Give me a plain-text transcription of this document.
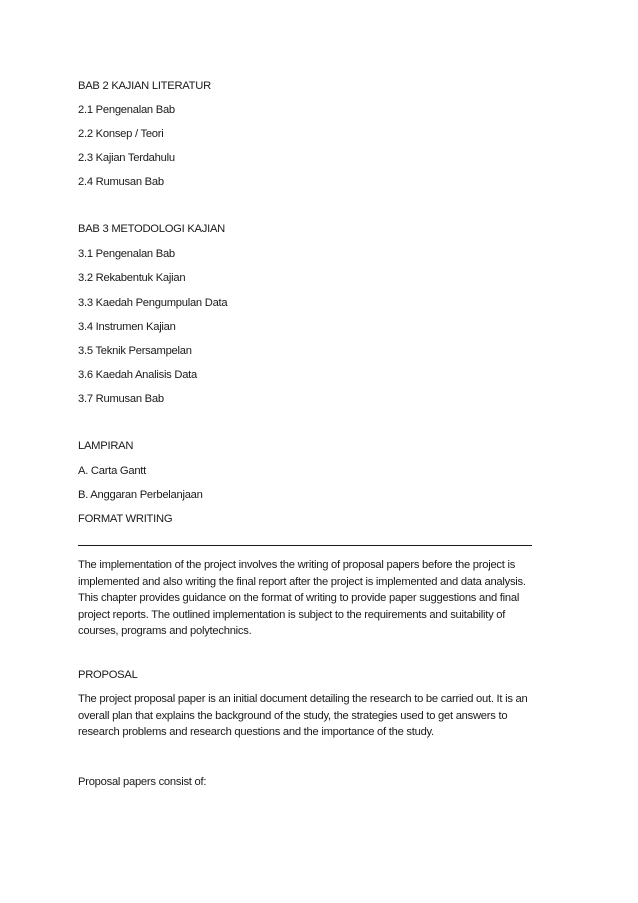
BAB 2 KAJIAN LITERATUR
2.1 Pengenalan Bab
2.2 Konsep / Teori
2.3 Kajian Terdahulu
2.4 Rumusan Bab
BAB 3 METODOLOGI KAJIAN
3.1 Pengenalan Bab
3.2 Rekabentuk Kajian
3.3 Kaedah Pengumpulan Data
3.4 Instrumen Kajian
3.5 Teknik Persampelan
3.6 Kaedah Analisis Data
3.7 Rumusan Bab
LAMPIRAN
A. Carta Gantt
B. Anggaran Perbelanjaan
FORMAT WRITING
The implementation of the project involves the writing of proposal papers before the project is
implemented and also writing the final report after the project is implemented and data analysis.
This chapter provides guidance on the format of writing to provide paper suggestions and final
project reports. The outlined implementation is subject to the requirements and suitability of
courses, programs and polytechnics.
PROPOSAL
The project proposal paper is an initial document detailing the research to be carried out. It is an
overall plan that explains the background of the study, the strategies used to get answers to
research problems and research questions and the importance of the study.
Proposal papers consist of:
